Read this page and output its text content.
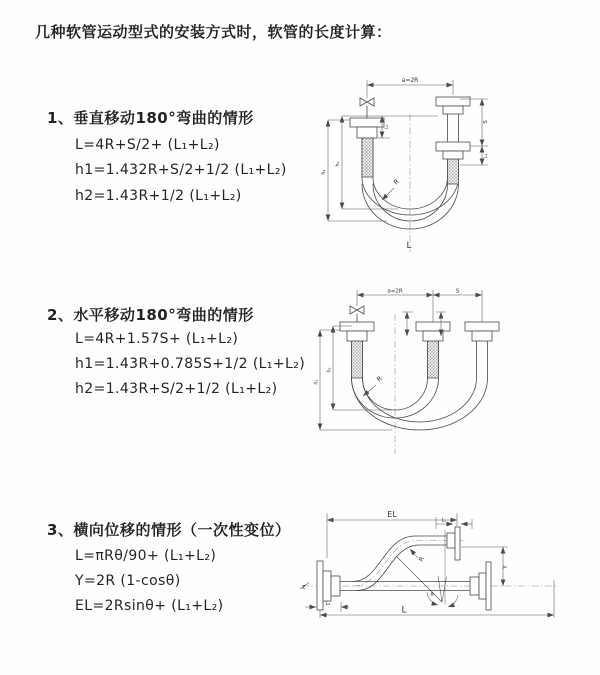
几种软管运动型式的安装方式时，软管的长度计算：
1、垂直移动180°弯曲的情形
L=4R+S/2+ (L₁+L₂)
h1=1.432R+S/2+1/2 (L₁+L₂)
h2=1.43R+1/2 (L₁+L₂)
2、水平移动180°弯曲的情形
L=4R+1.57S+ (L₁+L₂)
h1=1.43R+0.785S+1/2 (L₁+L₂)
h2=1.43R+S/2+1/2 (L₁+L₂)
3、横向位移的情形（一次性变位）
L=πRθ/90+ (L₁+L₂)
Y=2R (1-cosθ)
EL=2Rsinθ+ (L₁+L₂)
a=2R
h₁
h₂
L₁
S
L₁
R
L
a=2R	S
h₁
h₂
R
EL
L₁
Y
R
θ
L₂
L
z
